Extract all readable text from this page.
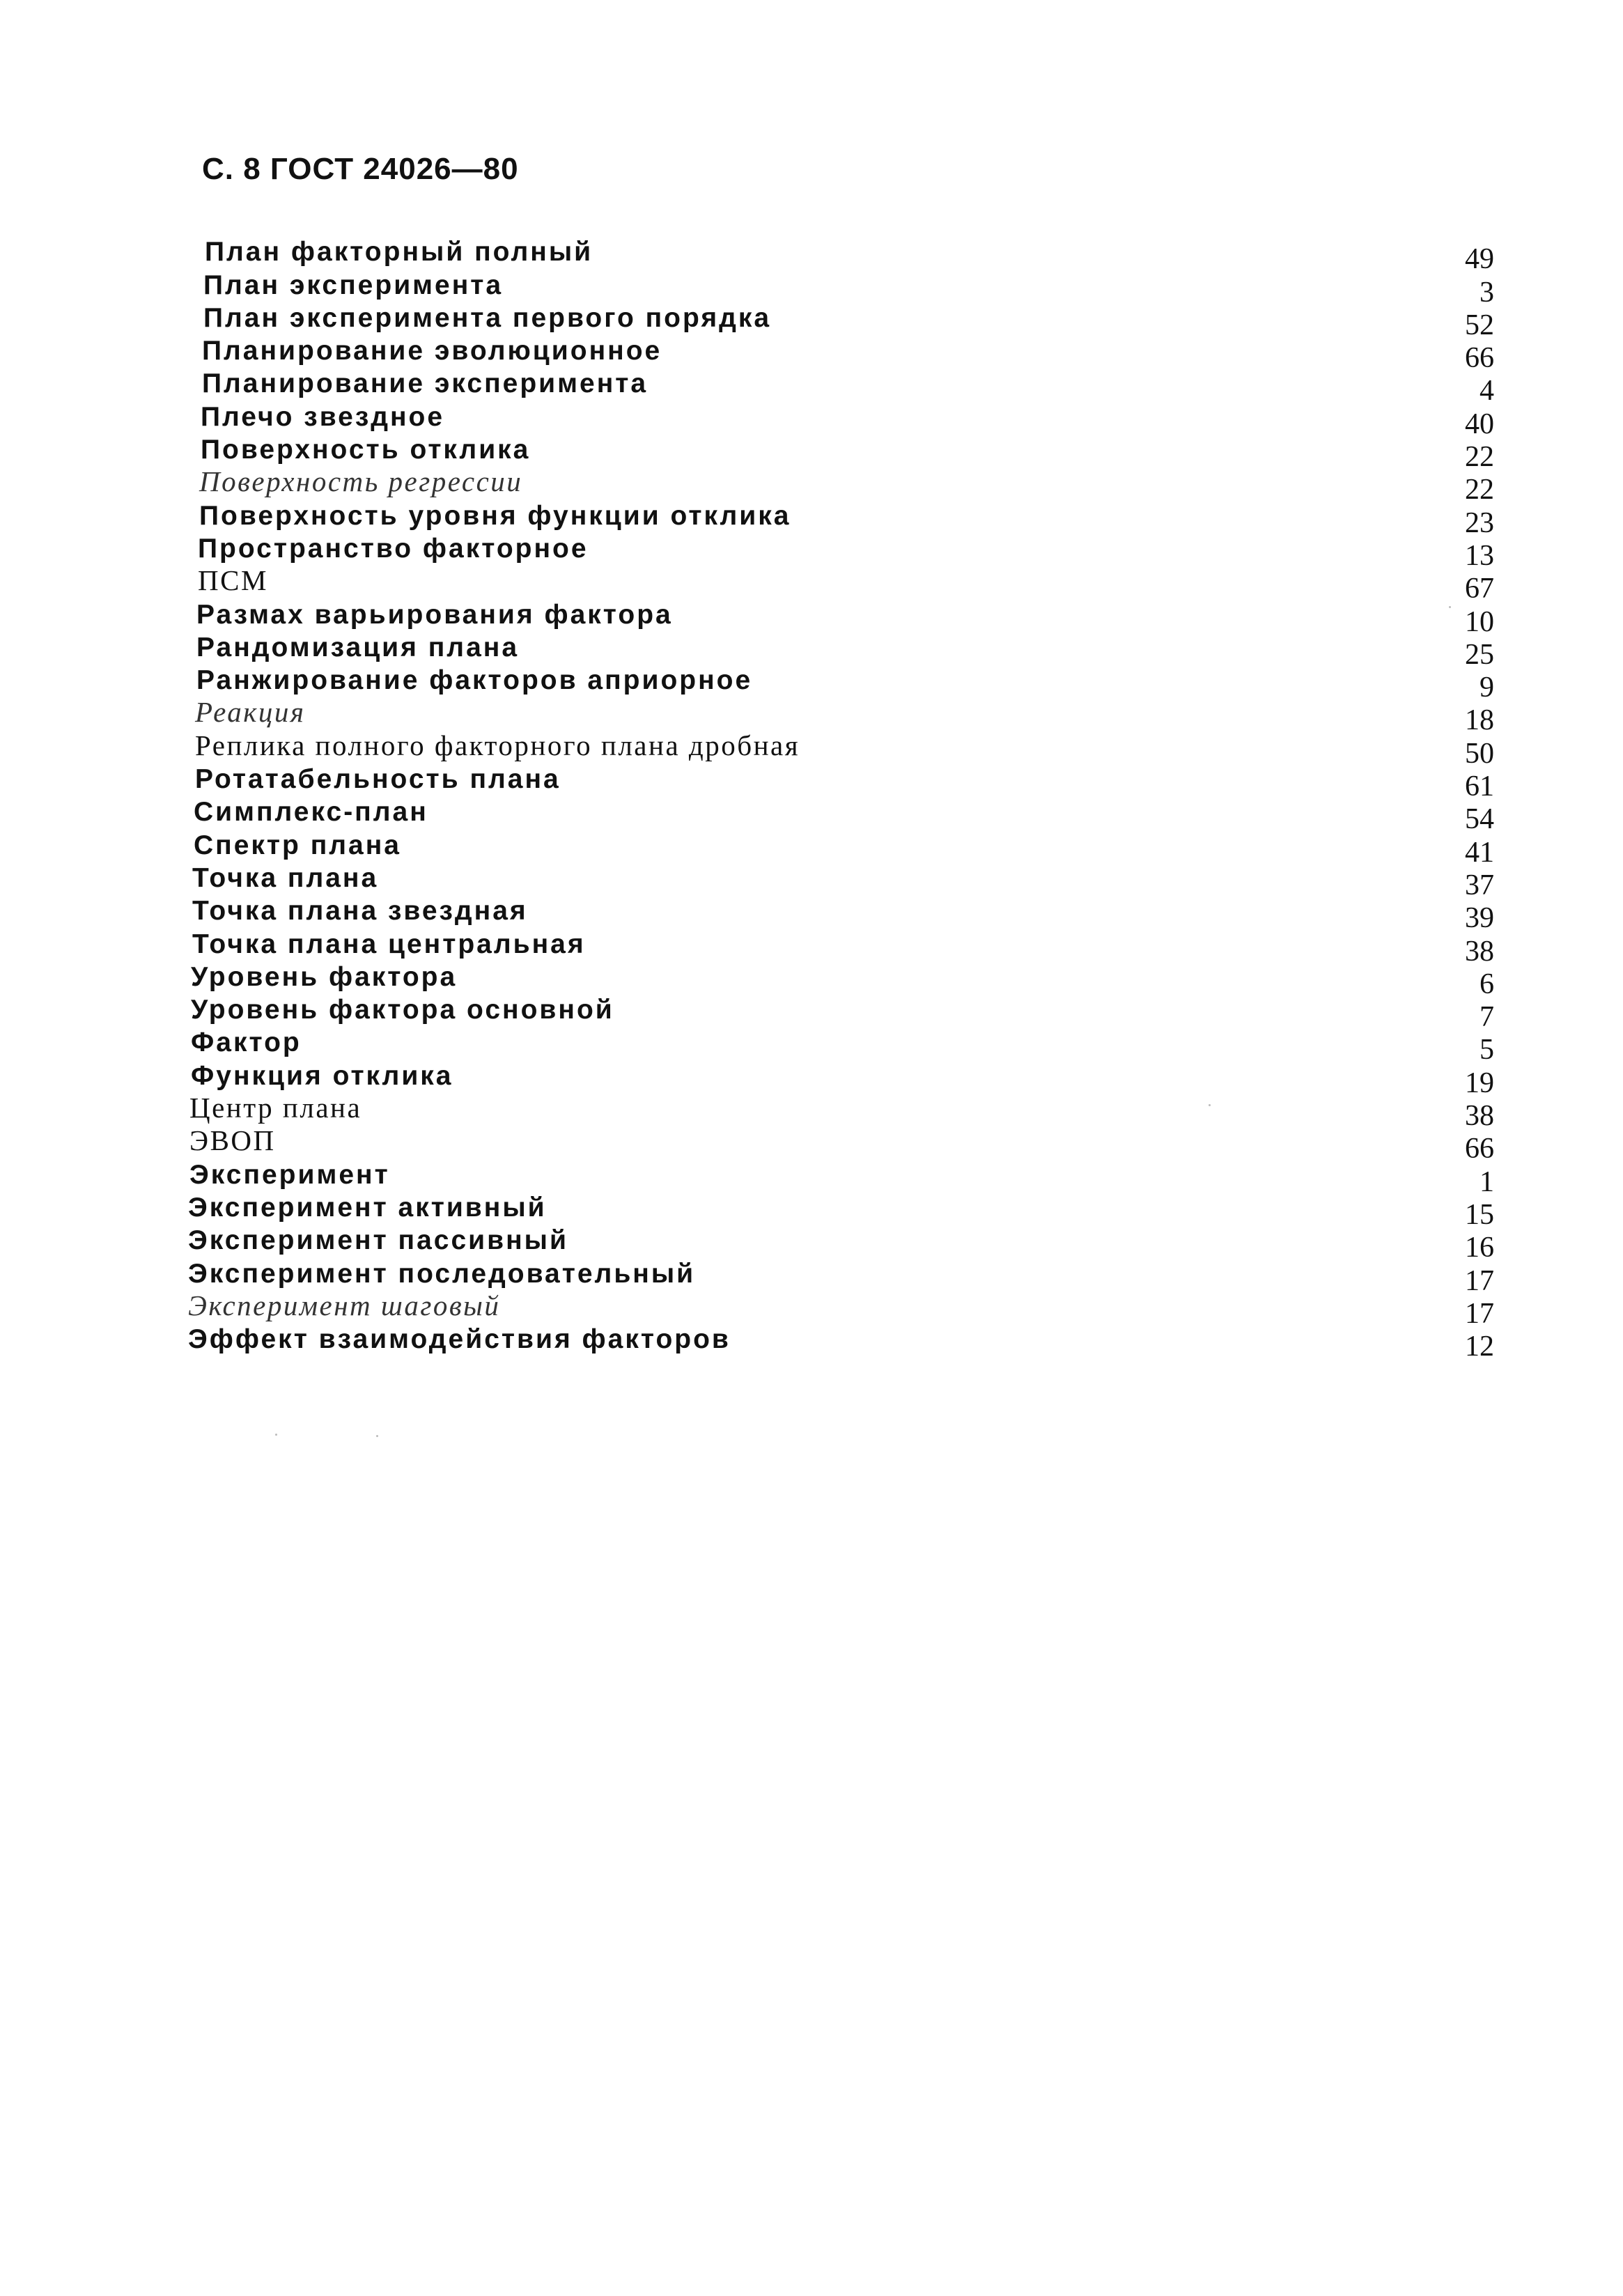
С. 8 ГОСТ 24026—80
План факторный полный	49
План эксперимента	3
План эксперимента первого порядка	52
Планирование эволюционное	66
Планирование эксперимента	4
Плечо звездное	40
Поверхность отклика	22
Поверхность регрессии	22
Поверхность уровня функции отклика	23
Пространство факторное	13
ПСМ	67
Размах варьирования фактора	10
Рандомизация плана	25
Ранжирование факторов априорное	9
Реакция	18
Реплика полного факторного плана дробная	50
Ротатабельность плана	61
Симплекс-план	54
Спектр плана	41
Точка плана	37
Точка плана звездная	39
Точка плана центральная	38
Уровень фактора	6
Уровень фактора основной	7
Фактор	5
Функция отклика	19
Центр плана	38
ЭВОП	66
Эксперимент	1
Эксперимент активный	15
Эксперимент пассивный	16
Эксперимент последовательный	17
Эксперимент шаговый	17
Эффект взаимодействия факторов	12
